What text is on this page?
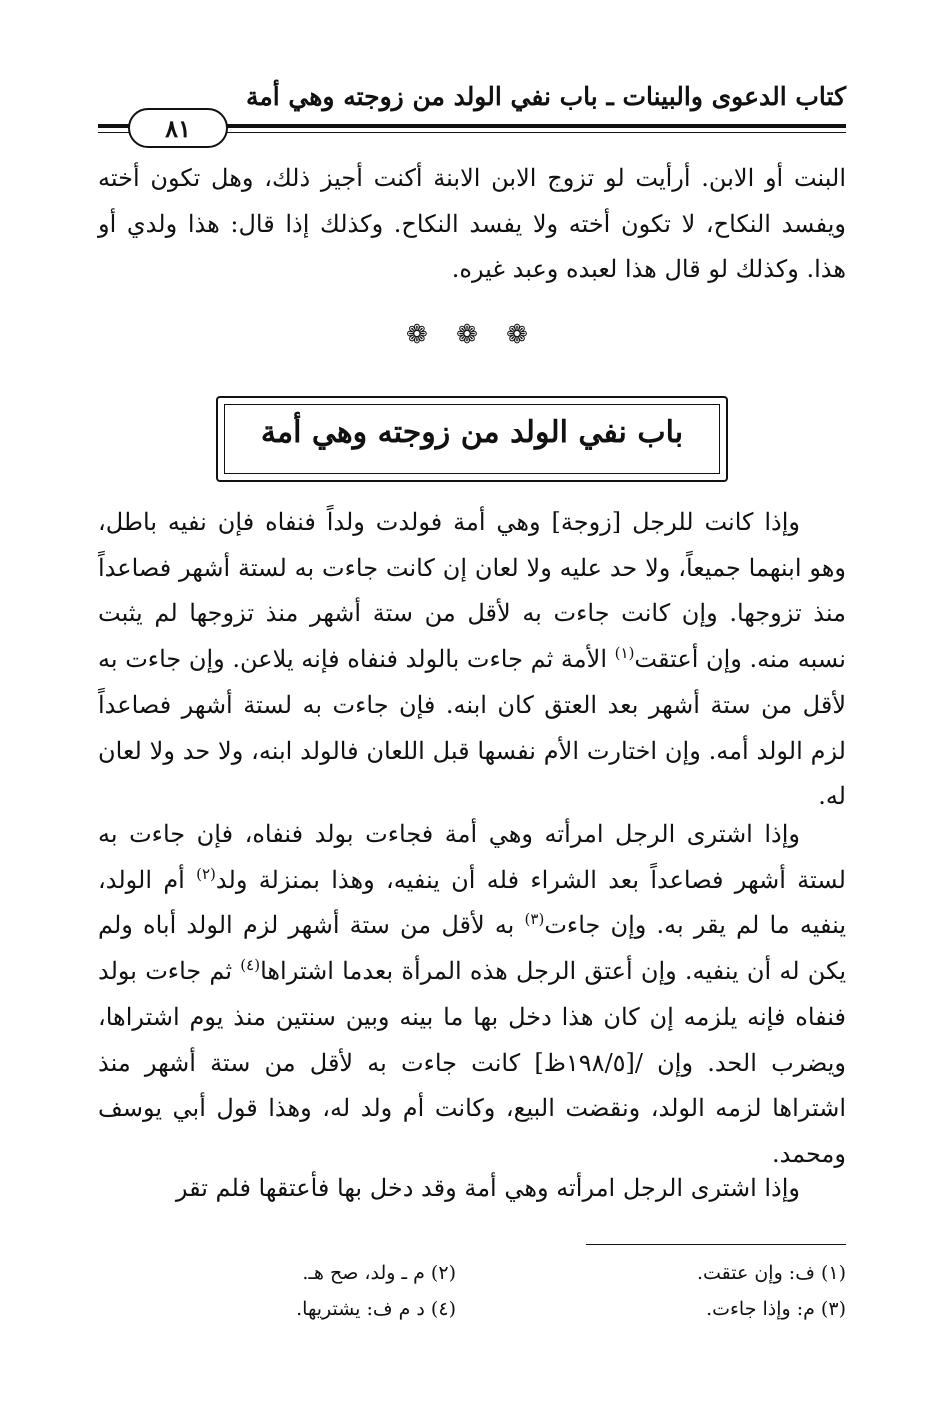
كتاب الدعوى والبينات ـ باب نفي الولد من زوجته وهي أمة
٨١

البنت أو الابن. أرأيت لو تزوج الابن الابنة أكنت أجيز ذلك، وهل تكون أخته ويفسد النكاح، لا تكون أخته ولا يفسد النكاح. وكذلك إذا قال: هذا ولدي أو هذا. وكذلك لو قال هذا لعبده وعبد غيره.

❁ ❁ ❁
باب نفي الولد من زوجته وهي أمة

وإذا كانت للرجل [زوجة] وهي أمة فولدت ولداً فنفاه فإن نفيه باطل، وهو ابنهما جميعاً، ولا حد عليه ولا لعان إن كانت جاءت به لستة أشهر فصاعداً منذ تزوجها. وإن كانت جاءت به لأقل من ستة أشهر منذ تزوجها لم يثبت نسبه منه. وإن أعتقت$^{(١)}$ الأمة ثم جاءت بالولد فنفاه فإنه يلاعن. وإن جاءت به لأقل من ستة أشهر بعد العتق كان ابنه. فإن جاءت به لستة أشهر فصاعداً لزم الولد أمه. وإن اختارت الأم نفسها قبل اللعان فالولد ابنه، ولا حد ولا لعان له.

وإذا اشترى الرجل امرأته وهي أمة فجاءت بولد فنفاه، فإن جاءت به لستة أشهر فصاعداً بعد الشراء فله أن ينفيه، وهذا بمنزلة ولد$^{(٢)}$ أم الولد، ينفيه ما لم يقر به. وإن جاءت$^{(٣)}$ به لأقل من ستة أشهر لزم الولد أباه ولم يكن له أن ينفيه. وإن أعتق الرجل هذه المرأة بعدما اشتراها$^{(٤)}$ ثم جاءت بولد فنفاه فإنه يلزمه إن كان هذا دخل بها ما بينه وبين سنتين منذ يوم اشتراها، ويضرب الحد. وإن /[١٩٨/٥ظ] كانت جاءت به لأقل من ستة أشهر منذ اشتراها لزمه الولد، ونقضت البيع، وكانت أم ولد له، وهذا قول أبي يوسف ومحمد.

وإذا اشترى الرجل امرأته وهي أمة وقد دخل بها فأعتقها فلم تقر

(١) ف: وإن عتقت.
(٢) م ـ ولد، صح هـ.
(٣) م: وإذا جاءت.
(٤) د م ف: يشتريها.
